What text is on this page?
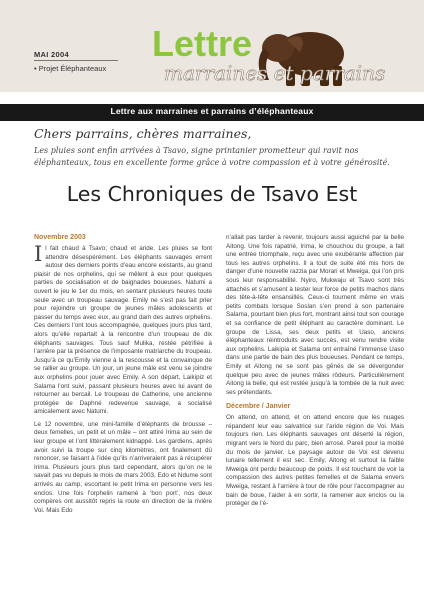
MAI 2004
• Projet Éléphanteaux
Lettre
marraines et parrains
Lettre aux marraines et parrains d’éléphanteaux
Chers parrains, chères marraines,

Les pluies sont enfin arrivées à Tsavo, signe printanier prometteur qui ravit nos éléphanteaux, tous en excellente forme grâce à votre compassion et à votre générosité.

Les Chroniques de Tsavo Est
Novembre 2003

Il fait chaud à Tsavo; chaud et aride. Les pluies se font attendre désespérément. Les éléphants sauvages errent autour des derniers points d’eau encore existants, au grand plaisir de nos orphelins, qui se mêlent à eux pour quelques parties de socialisation et de baignades boueuses. Natumi a ouvert le jeu le 1er du mois, en sentant plusieurs heures toute seule avec un troupeau sauvage. Emily ne s’est pas fait prier pour rejoindre un groupe de jeunes mâles adolescents et passer du temps avec eux, au grand dam des autres orphelins. Ces derniers l’ont tous accompagnée, quelques jours plus tard, alors qu’elle repartait à la rencontre d’un troupeau de dix éléphants sauvages. Tous sauf Mulika, restée pétrifiée à l’arrière par la présence de l’imposante matriarche du troupeau. Jusqu’à ce qu’Emily vienne à la rescousse et la convainque de se rallier au groupe. Un jour, un jeune mâle est venu se joindre aux orphelins pour jouer avec Emily. A son départ, Laikipiz et Salama l’ont suivi, passant plusieurs heures avec lui avant de retourner au bercail. Le troupeau de Catherine, une ancienne protégée de Daphné redevenue sauvage, a socialisé amicalement avec Natumi.

Le 12 novembre, une mini-famille d’éléphants de brousse – deux femelles, un petit et un mâle – ont attiré Irima au sein de leur groupe et l’ont littéralement kidnappé. Les gardiens, après avoir suivi la troupe sur cinq kilomètres, ont finalement dû renoncer, se faisant à l’idée qu’ils n’arriveraient pas à récupérer Irima. Plusieurs jours plus tard cependant, alors qu’on ne le savait pas vu depuis le mois de mars 2003, Edo et Ndume sont arrivés au camp, escortant le petit Irima en personne vers les enclos. Une fois l’orphelin ramené à ‘bon port’, nos deux compères ont aussitôt repris la route en direction de la rivière Voi. Mais Edo

n’allait pas tarder à revenir, toujours aussi aguiché par la belle Aitong. Une fois rapatrié, Irima, le chouchou du groupe, a fait une entrée triomphale, reçu avec une exubérante affection par tous les autres orphelins. Il a tout de suite été mis hors de danger d’une nouvelle razzia par Morari et Mweiga, qui l’on pris sous leur responsabilité. Nyiro, Mukwaju et Tsavo sont très attachés et s’amusent à tester leur force de petits machos dans des tête-à-tête ensansillés. Ceux-ci tournent même en vrais petits combats lorsque Soslan s’en prend à son partenaire Salama, pourtant bien plus fort, montrant ainsi tout son courage et sa confiance de petit éléphant au caractère dominant. Le groupe de Lissa, ses deux petits et Uaso, anciens éléphanteaux réintroduits avec succès, est venu rendre visite aux orphelins. Laikipia et Salama ont entraîné l’immense Uaso dans une partie de bain des plus boueuses. Pendant ce temps, Emily et Aitong ne se sont pas gênés de se dévergonder quelque peu avec de jeunes mâles rôdeurs. Particulièrement Aitong la belle, qui est restée jusqu’à la tombée de la nuit avec ses prétendants.

Décembre / Janvier

On attend, on attend, et on attend encore que les nuages répandent leur eau salvatrice sur l’aride région de Voi. Mais toujours rien. Les éléphants sauvages ont déserté la région, migrant vers le Nord du parc, bien arrosé. Pareil pour la moitié du mois de janvier. Le paysage autour de Voi est devenu lunaire tellement il est sec. Emily, Aitong et surtout la faible Mweiga ont perdu beaucoup de poids. Il est touchant de voir la compassion des autres petites femelles et de Salama envers Mweiga, restant à l’arrière à tour de rôle pour l’accompagner au bain de boue, l’aider à en sortir, la ramener aux enclos ou la protéger de l’é-
